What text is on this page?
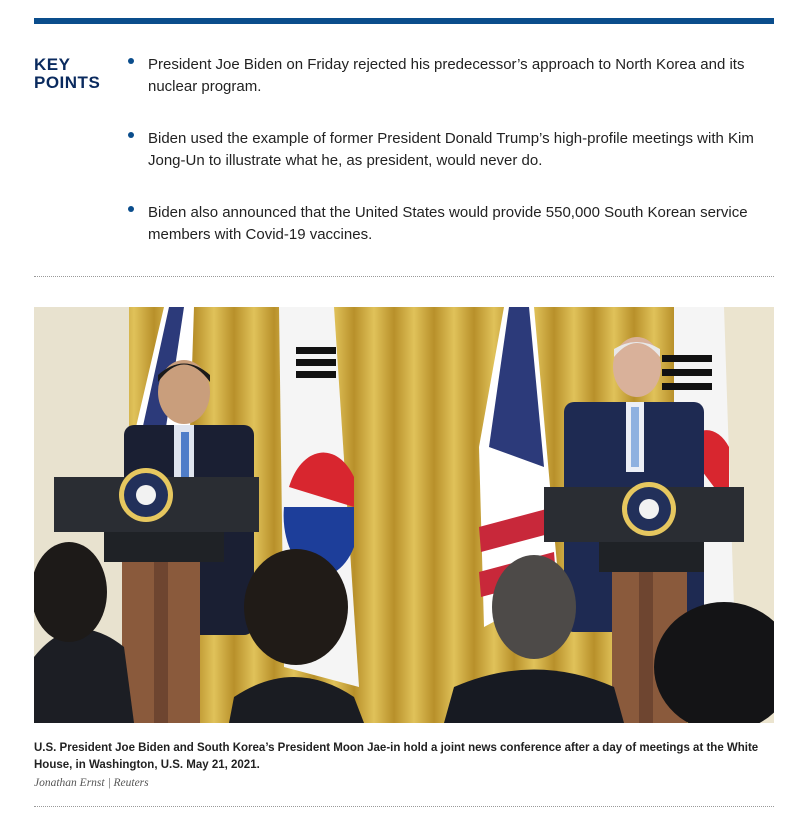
KEY POINTS
President Joe Biden on Friday rejected his predecessor’s approach to North Korea and its nuclear program.
Biden used the example of former President Donald Trump’s high-profile meetings with Kim Jong-Un to illustrate what he, as president, would never do.
Biden also announced that the United States would provide 550,000 South Korean service members with Covid-19 vaccines.
U.S. President Joe Biden and South Korea’s President Moon Jae-in hold a joint news conference after a day of meetings at the White House, in Washington, U.S. May 21, 2021.
Jonathan Ernst | Reuters
